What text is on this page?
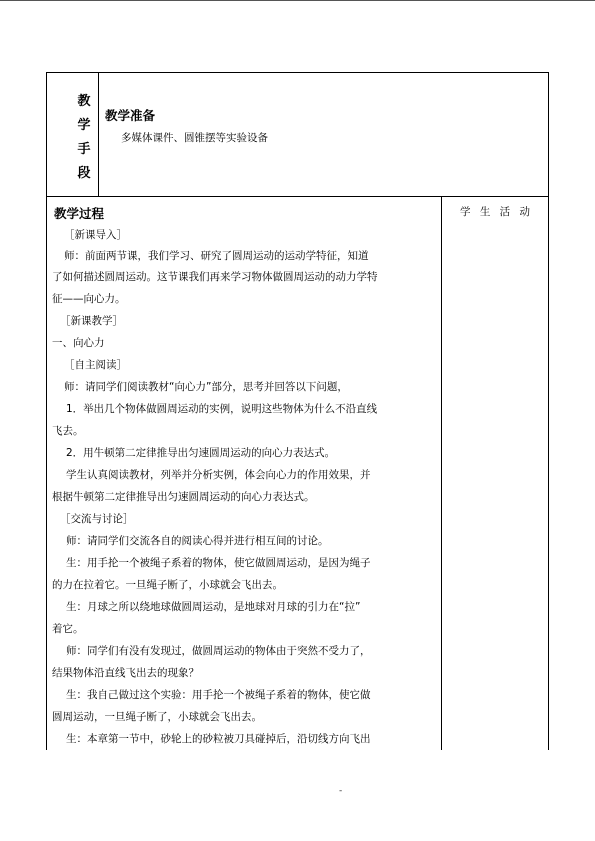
教
学
手
段
教学准备
多媒体课件、圆锥摆等实验设备
教学过程	学 生 活 动
［新课导入］
师：前面两节课，我们学习、研究了圆周运动的运动学特征，知道
了如何描述圆周运动。这节课我们再来学习物体做圆周运动的动力学特
征——向心力。
［新课教学］
一、向心力
［自主阅读］
师：请同学们阅读教材“向心力”部分，思考并回答以下问题，
1．举出几个物体做圆周运动的实例，说明这些物体为什么不沿直线
飞去。
2．用牛顿第二定律推导出匀速圆周运动的向心力表达式。
学生认真阅读教材，列举并分析实例，体会向心力的作用效果，并
根据牛顿第二定律推导出匀速圆周运动的向心力表达式。
［交流与讨论］
师：请同学们交流各自的阅读心得并进行相互间的讨论。
生：用手抡一个被绳子系着的物体，使它做圆周运动，是因为绳子
的力在拉着它。一旦绳子断了，小球就会飞出去。
生：月球之所以绕地球做圆周运动，是地球对月球的引力在“拉”
着它。
师：同学们有没有发现过，做圆周运动的物体由于突然不受力了，
结果物体沿直线飞出去的现象？
生：我自己做过这个实验：用手抡一个被绳子系着的物体，使它做
圆周运动，一旦绳子断了，小球就会飞出去。
生：本章第一节中，砂轮上的砂粒被刀具碰掉后，沿切线方向飞出
-
